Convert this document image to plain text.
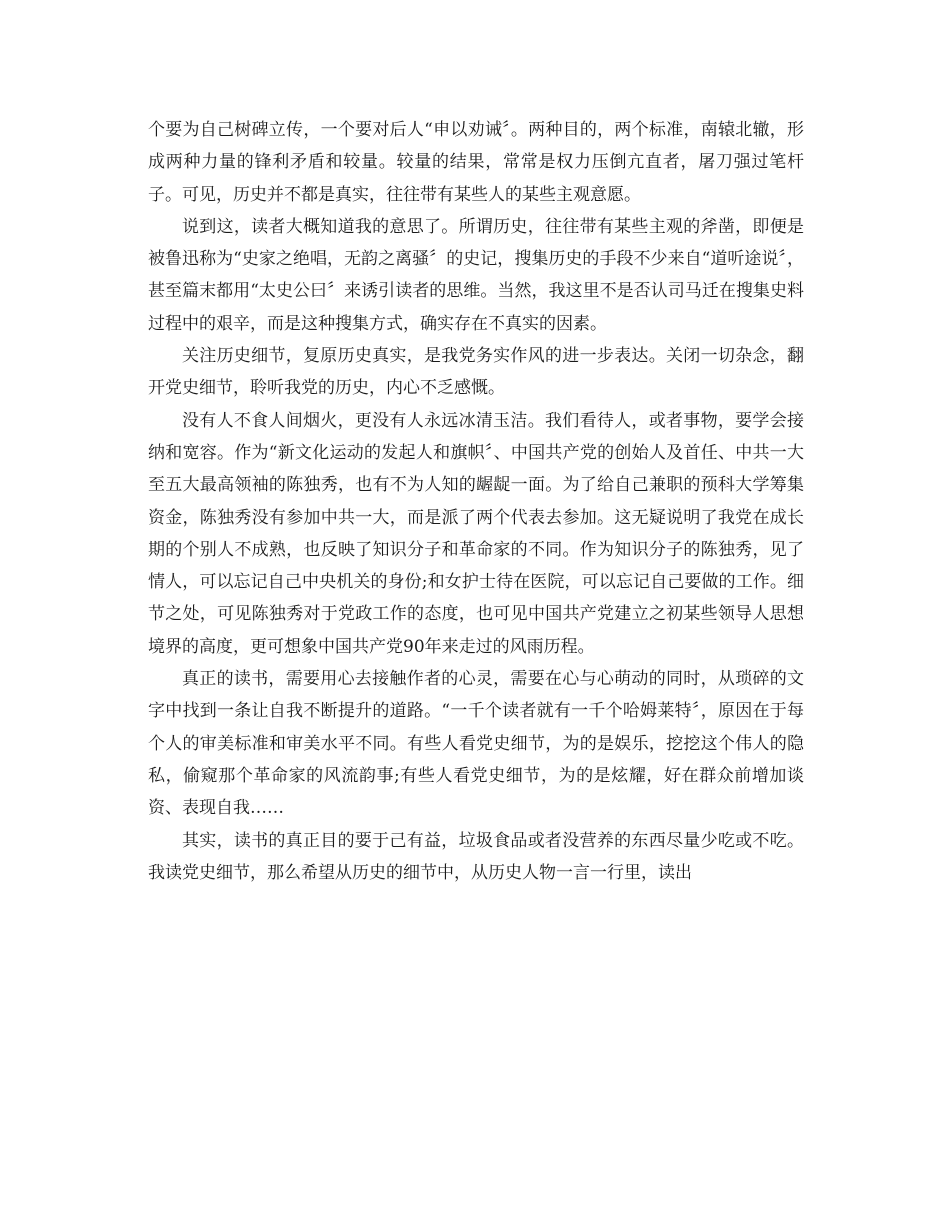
个要为自己树碑立传，一个要对后人“申以劝诫〞。两种目的，两个标准，南辕北辙，形成两种力量的锋利矛盾和较量。较量的结果，常常是权力压倒亢直者，屠刀强过笔杆子。可见，历史并不都是真实，往往带有某些人的某些主观意愿。

说到这，读者大概知道我的意思了。所谓历史，往往带有某些主观的斧凿，即便是被鲁迅称为“史家之绝唱，无韵之离骚〞的史记，搜集历史的手段不少来自“道听途说〞，甚至篇末都用“太史公曰〞来诱引读者的思维。当然，我这里不是否认司马迁在搜集史料过程中的艰辛，而是这种搜集方式，确实存在不真实的因素。

关注历史细节，复原历史真实，是我党务实作风的进一步表达。关闭一切杂念，翻开党史细节，聆听我党的历史，内心不乏感慨。

没有人不食人间烟火，更没有人永远冰清玉洁。我们看待人，或者事物，要学会接纳和宽容。作为“新文化运动的发起人和旗帜〞、中国共产党的创始人及首任、中共一大至五大最高领袖的陈独秀，也有不为人知的龌龊一面。为了给自己兼职的预科大学筹集资金，陈独秀没有参加中共一大，而是派了两个代表去参加。这无疑说明了我党在成长期的个别人不成熟，也反映了知识分子和革命家的不同。作为知识分子的陈独秀，见了情人，可以忘记自己中央机关的身份;和女护士待在医院，可以忘记自己要做的工作。细节之处，可见陈独秀对于党政工作的态度，也可见中国共产党建立之初某些领导人思想境界的高度，更可想象中国共产党90年来走过的风雨历程。

真正的读书，需要用心去接触作者的心灵，需要在心与心萌动的同时，从琐碎的文字中找到一条让自我不断提升的道路。“一千个读者就有一千个哈姆莱特〞，原因在于每个人的审美标准和审美水平不同。有些人看党史细节，为的是娱乐，挖挖这个伟人的隐私，偷窥那个革命家的风流韵事;有些人看党史细节，为的是炫耀，好在群众前增加谈资、表现自我……

其实，读书的真正目的要于己有益，垃圾食品或者没营养的东西尽量少吃或不吃。我读党史细节，那么希望从历史的细节中，从历史人物一言一行里，读出
